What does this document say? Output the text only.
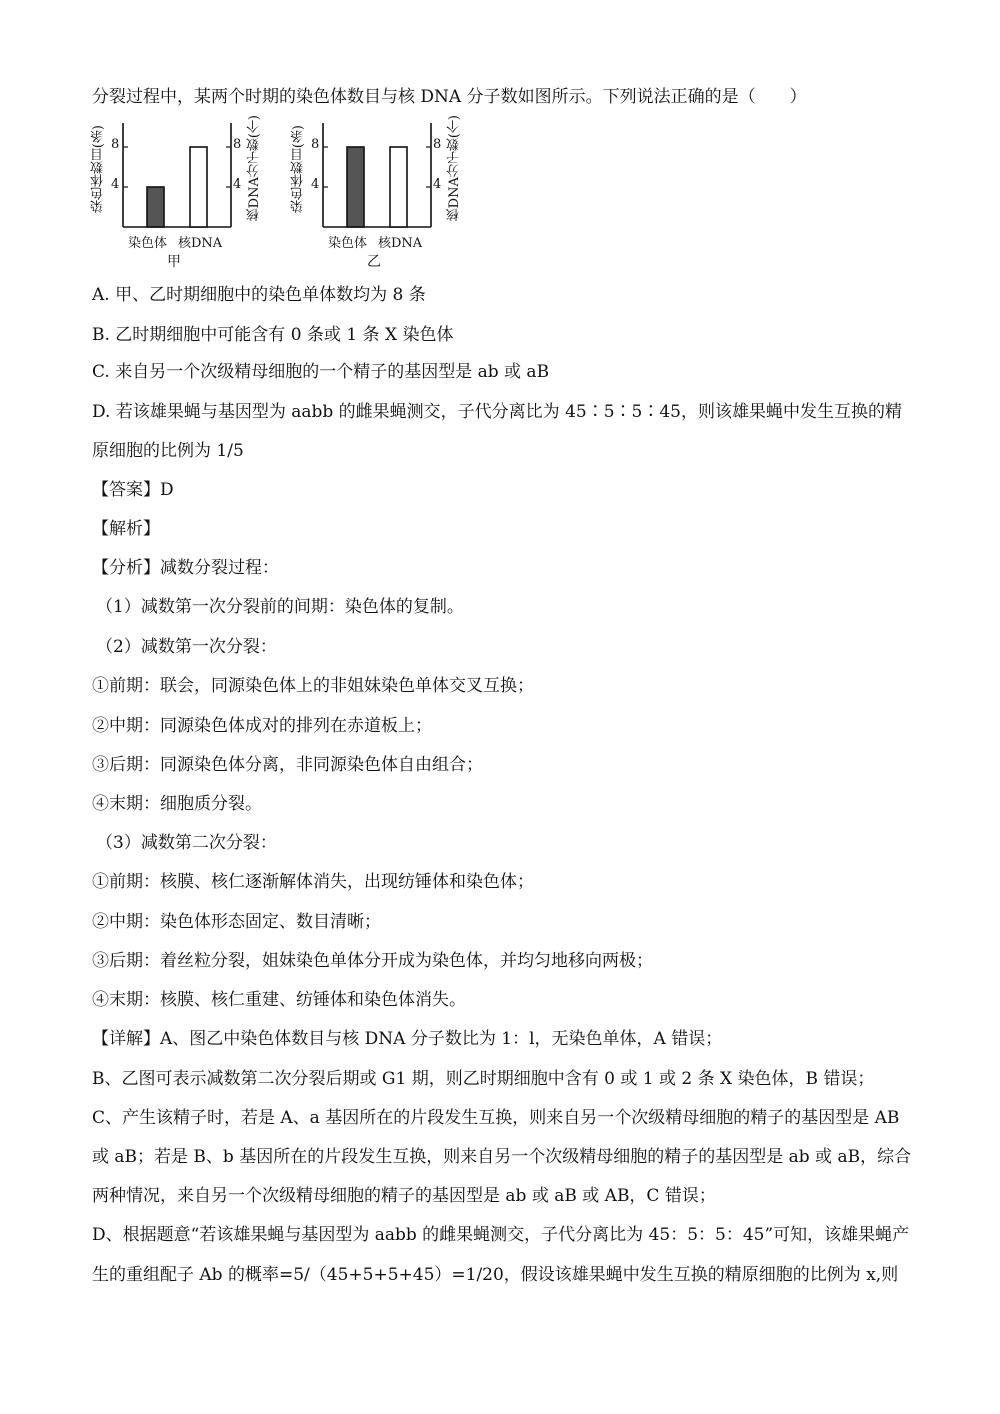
分裂过程中，某两个时期的染色体数目与核 DNA 分子数如图所示。下列说法正确的是（　　）
染色体数目(条)	核DNA分子数(个)
8
4
8
4
染色体 核DNA
甲
染色体数目(条)	核DNA分子数(个)
8
4
8
4
染色体 核DNA
乙
A. 甲、乙时期细胞中的染色单体数均为 8 条
B. 乙时期细胞中可能含有 0 条或 1 条 X 染色体
C. 来自另一个次级精母细胞的一个精子的基因型是 ab 或 aB
D. 若该雄果蝇与基因型为 aabb 的雌果蝇测交，子代分离比为 45∶5∶5∶45，则该雄果蝇中发生互换的精
原细胞的比例为 1/5
【答案】D
【解析】
【分析】减数分裂过程：
（1）减数第一次分裂前的间期：染色体的复制。
（2）减数第一次分裂：
①前期：联会，同源染色体上的非姐妹染色单体交叉互换；
②中期：同源染色体成对的排列在赤道板上；
③后期：同源染色体分离，非同源染色体自由组合；
④末期：细胞质分裂。
（3）减数第二次分裂：
①前期：核膜、核仁逐渐解体消失，出现纺锤体和染色体；
②中期：染色体形态固定、数目清晰；
③后期：着丝粒分裂，姐妹染色单体分开成为染色体，并均匀地移向两极；
④末期：核膜、核仁重建、纺锤体和染色体消失。
【详解】A、图乙中染色体数目与核 DNA 分子数比为 1：l，无染色单体，A 错误；
B、乙图可表示减数第二次分裂后期或 G1 期，则乙时期细胞中含有 0 或 1 或 2 条 X 染色体，B 错误；
C、产生该精子时，若是 A、a 基因所在的片段发生互换，则来自另一个次级精母细胞的精子的基因型是 AB
或 aB；若是 B、b 基因所在的片段发生互换，则来自另一个次级精母细胞的精子的基因型是 ab 或 aB，综合
两种情况，来自另一个次级精母细胞的精子的基因型是 ab 或 aB 或 AB，C 错误；
D、根据题意“若该雄果蝇与基因型为 aabb 的雌果蝇测交，子代分离比为 45：5：5：45”可知，该雄果蝇产
生的重组配子 Ab 的概率=5/（45+5+5+45）=1/20，假设该雄果蝇中发生互换的精原细胞的比例为 x,则
